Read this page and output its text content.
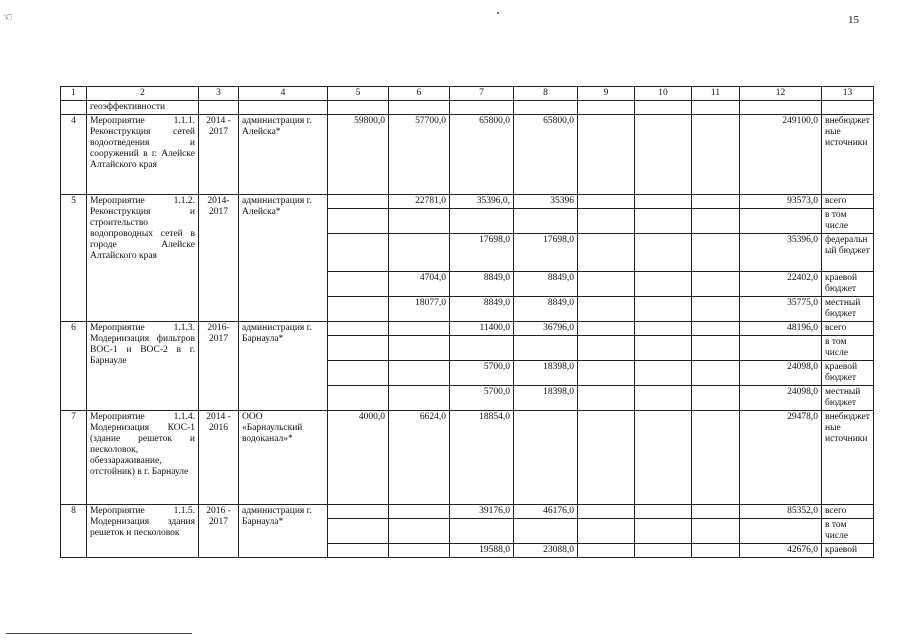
☜	15
1	2	3	4	5	6	7	8	9	10	11	12	13
	геоэффективности											
4	Мероприятие 1.1.1. Реконструкция сетей водоотведения и сооружений в г. Алейске Алтайского края	2014 - 2017	администрация г. Алейска*	59800,0	57700,0	65800,0	65800,0				249100,0	внебюджетные источники
5	Мероприятие 1.1.2. Реконструкция и строительство водопроводных сетей в городе Алейске Алтайского края	2014- 2017	администрация г. Алейска*		22781,0	35396,0,	35396				93573,0	всего
												в том числе
						17698,0	17698,0				35396,0	федеральный бюджет
					4704,0	8849,0	8849,0				22402,0	краевой бюджет
					18077,0	8849,0	8849,0				35775,0	местный бюджет
6	Мероприятие 1.1.3. Модернизация фильтров ВОС-1 и ВОС-2 в г. Барнауле	2016- 2017	администрация г. Барнаула*			11400,0	36796,0				48196,0	всего
												в том числе
						5700,0	18398,0				24098,0	краевой бюджет
						5700,0	18398,0				24098,0	местный бюджет
7	Мероприятие 1.1.4. Модернизация КОС-1 (здание решеток и песколовок, обеззараживание, отстойник) в г. Барнауле	2014 - 2016	ООО «Барнаульский водоканал»*	4000,0	6624,0	18854,0					29478,0	внебюджетные источники
8	Мероприятие 1.1.5. Модернизация здания решеток и песколовок	2016 - 2017	администрация г. Барнаула*			39176,0	46176,0				85352,0	всего
												в том числе
						19588,0	23088,0				42676,0	краевой
